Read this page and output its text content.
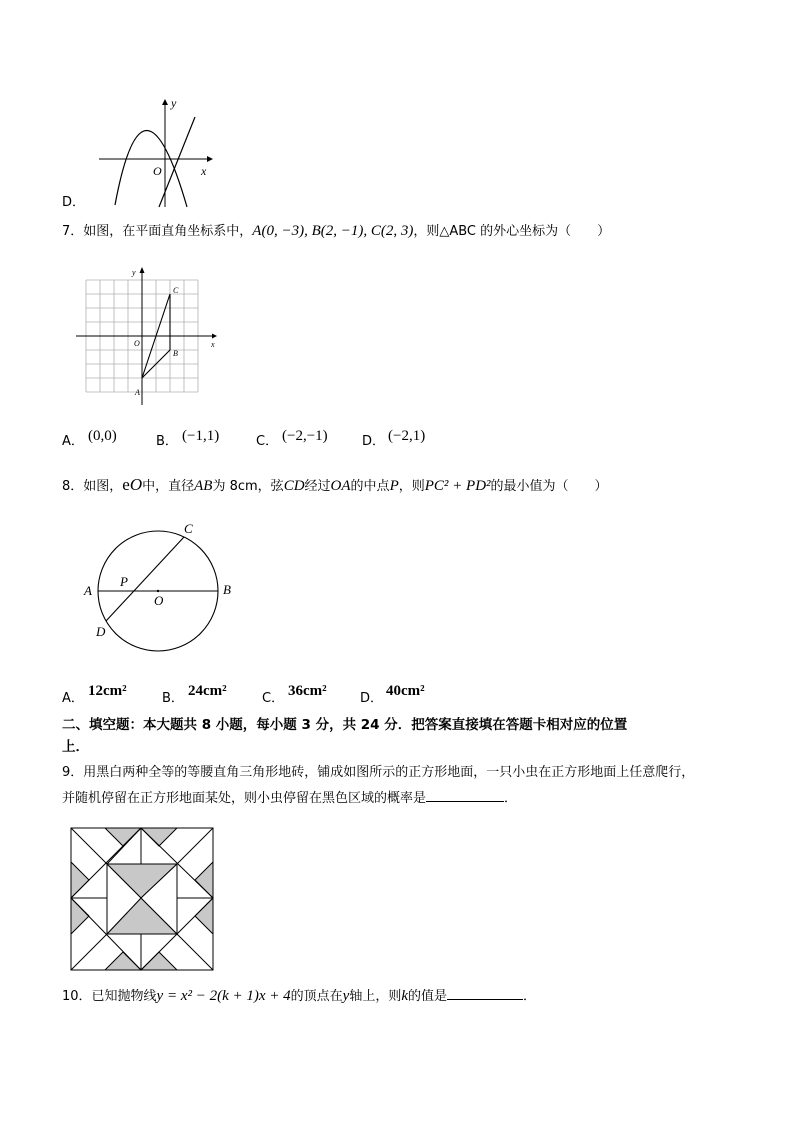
y
x
O
D．
7．如图，在平面直角坐标系中，A(0, −3), B(2, −1), C(2, 3)，则△ABC 的外心坐标为（　　）
y
x
O
A
B
C
A． (0,0)	B． (−1,1)	C． (−2,−1)	D． (−2,1)
8．如图，eO中，直径AB为 8cm，弦CD经过OA的中点P，则PC² + PD²的最小值为（　　）
A	B
C
D
P
O
A． 12cm²	B． 24cm²	C． 36cm²	D． 40cm²
二、填空题：本大题共 8 小题，每小题 3 分，共 24 分．把答案直接填在答题卡相对应的位置
上．
9．用黑白两种全等的等腰直角三角形地砖，铺成如图所示的正方形地面，一只小虫在正方形地面上任意爬行，
并随机停留在正方形地面某处，则小虫停留在黑色区域的概率是	．
10．已知抛物线y = x² − 2(k + 1)x + 4的顶点在y轴上，则k的值是	．
